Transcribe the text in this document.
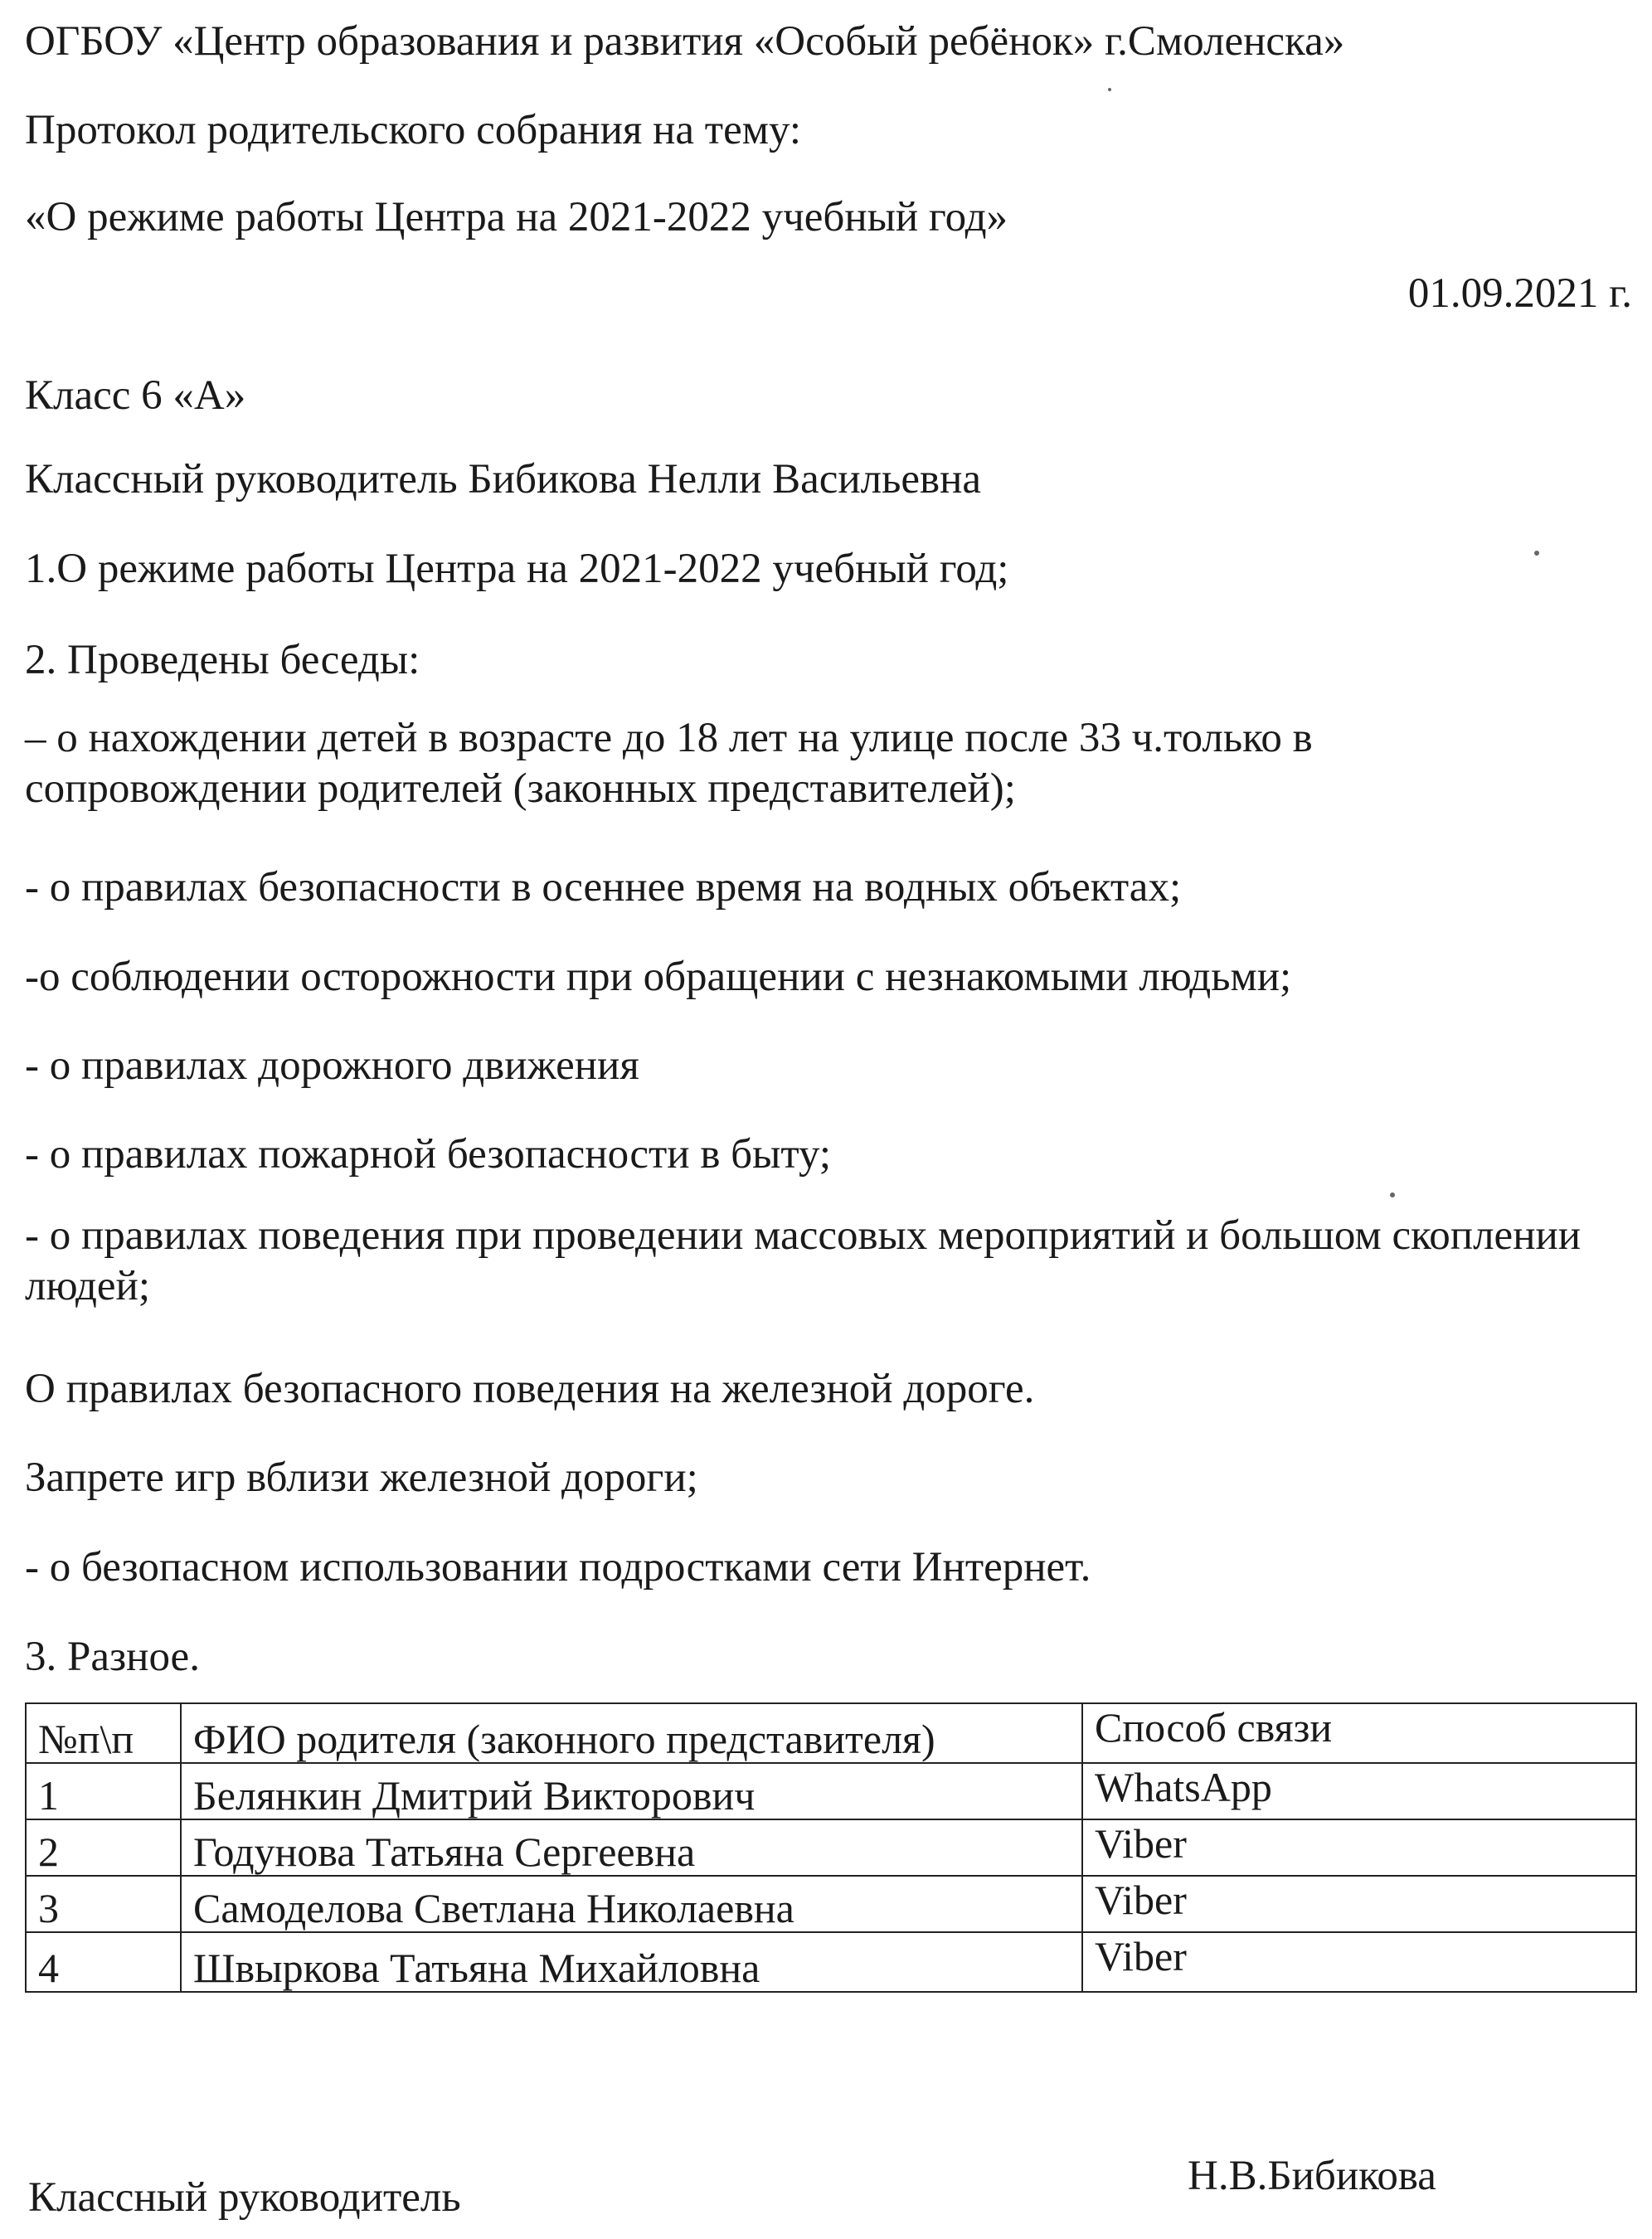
ОГБОУ «Центр образования и развития «Особый ребёнок» г.Смоленска»
Протокол родительского собрания на тему:
«О режиме работы Центра на 2021-2022 учебный год»
01.09.2021 г.
Класс 6 «А»
Классный руководитель Бибикова Нелли Васильевна
1.О режиме работы Центра на 2021-2022 учебный год;
2. Проведены беседы:
– о нахождении детей в возрасте до 18 лет на улице после 33 ч.только в сопровождении родителей (законных представителей);
- о правилах безопасности в осеннее время на водных объектах;
-о соблюдении осторожности при обращении с незнакомыми людьми;
- о правилах дорожного движения
- о правилах пожарной безопасности в быту;
- о правилах поведения при проведении массовых мероприятий и большом скоплении людей;
О правилах безопасного поведения на железной дороге.
Запрете игр вблизи железной дороги;
- о безопасном использовании подростками сети Интернет.
3. Разное.
№п\п	ФИО родителя (законного представителя)	Способ связи
1	Белянкин Дмитрий Викторович	WhatsApp
2	Годунова Татьяна Сергеевна	Viber
3	Самоделова Светлана Николаевна	Viber
4	Швыркова Татьяна Михайловна	Viber
Классный руководитель	Н.В.Бибикова
